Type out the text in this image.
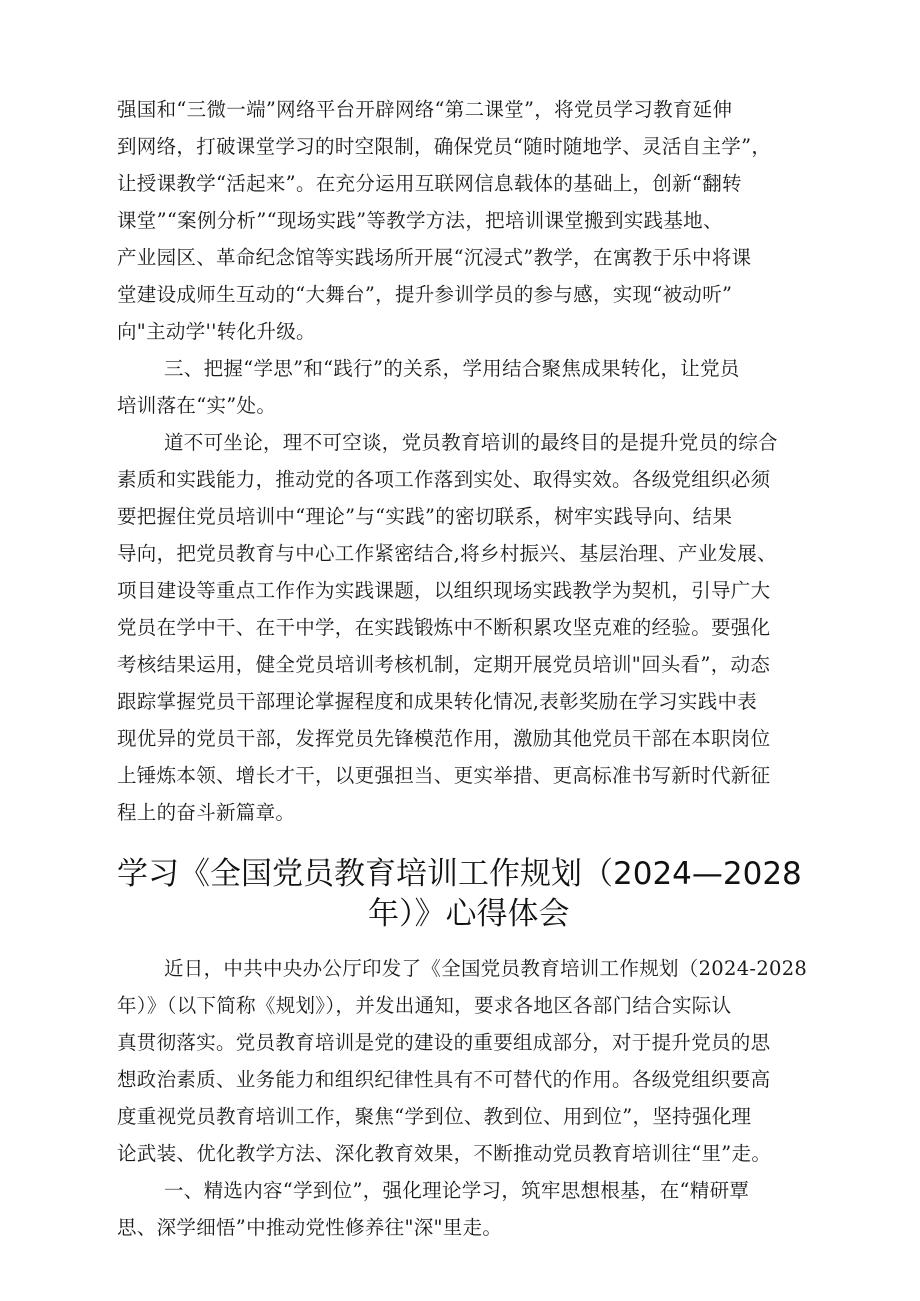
强国和“三微一端”网络平台开辟网络“第二课堂”，将党员学习教育延伸
到网络，打破课堂学习的时空限制，确保党员“随时随地学、灵活自主学”，
让授课教学“活起来”。在充分运用互联网信息载体的基础上，创新“翻转
课堂”“案例分析”“现场实践”等教学方法，把培训课堂搬到实践基地、
产业园区、革命纪念馆等实践场所开展“沉浸式”教学，在寓教于乐中将课
堂建设成师生互动的“大舞台”，提升参训学员的参与感，实现“被动听”
向"主动学''转化升级。
三、把握“学思”和“践行”的关系，学用结合聚焦成果转化，让党员
培训落在“实”处。
道不可坐论，理不可空谈，党员教育培训的最终目的是提升党员的综合
素质和实践能力，推动党的各项工作落到实处、取得实效。各级党组织必须
要把握住党员培训中“理论”与“实践”的密切联系，树牢实践导向、结果
导向，把党员教育与中心工作紧密结合,将乡村振兴、基层治理、产业发展、
项目建设等重点工作作为实践课题，以组织现场实践教学为契机，引导广大
党员在学中干、在干中学，在实践锻炼中不断积累攻坚克难的经验。要强化
考核结果运用，健全党员培训考核机制，定期开展党员培训"回头看”，动态
跟踪掌握党员干部理论掌握程度和成果转化情况,表彰奖励在学习实践中表
现优异的党员干部，发挥党员先锋模范作用，激励其他党员干部在本职岗位
上锤炼本领、增长才干，以更强担当、更实举措、更高标准书写新时代新征
程上的奋斗新篇章。
学习《全国党员教育培训工作规划（2024—2028
年）》心得体会
近日，中共中央办公厅印发了《全国党员教育培训工作规划（2024-2028
年）》（以下简称《规划》），并发出通知，要求各地区各部门结合实际认
真贯彻落实。党员教育培训是党的建设的重要组成部分，对于提升党员的思
想政治素质、业务能力和组织纪律性具有不可替代的作用。各级党组织要高
度重视党员教育培训工作，聚焦“学到位、教到位、用到位”，坚持强化理
论武装、优化教学方法、深化教育效果，不断推动党员教育培训往“里”走。
一、精选内容“学到位”，强化理论学习，筑牢思想根基，在“精研覃
思、深学细悟”中推动党性修养往"深"里走。
